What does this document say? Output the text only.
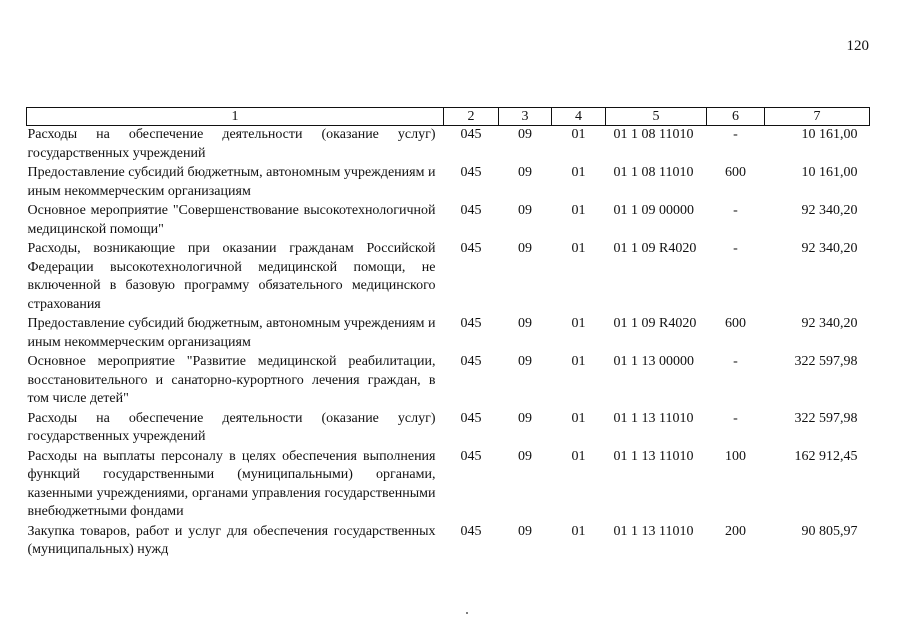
120
1	2	3	4	5	6	7
Расходы на обеспечение деятельности (оказание услуг) государственных учреждений	045	09	01	01 1 08 11010	-	10 161,00
Предоставление субсидий бюджетным, автономным учреждениям и иным некоммерческим организациям	045	09	01	01 1 08 11010	600	10 161,00
Основное мероприятие "Совершенствование высокотехнологичной медицинской помощи"	045	09	01	01 1 09 00000	-	92 340,20
Расходы, возникающие при оказании гражданам Российской Федерации высокотехнологичной медицинской помощи, не включенной в базовую программу обязательного медицинского страхования	045	09	01	01 1 09 R4020	-	92 340,20
Предоставление субсидий бюджетным, автономным учреждениям и иным некоммерческим организациям	045	09	01	01 1 09 R4020	600	92 340,20
Основное мероприятие "Развитие медицинской реабилитации, восстановительного и санаторно-курортного лечения граждан, в том числе детей"	045	09	01	01 1 13 00000	-	322 597,98
Расходы на обеспечение деятельности (оказание услуг) государственных учреждений	045	09	01	01 1 13 11010	-	322 597,98
Расходы на выплаты персоналу в целях обеспечения выполнения функций государственными (муниципальными) органами, казенными учреждениями, органами управления государственными внебюджетными фондами	045	09	01	01 1 13 11010	100	162 912,45
Закупка товаров, работ и услуг для обеспечения государственных (муниципальных) нужд	045	09	01	01 1 13 11010	200	90 805,97
